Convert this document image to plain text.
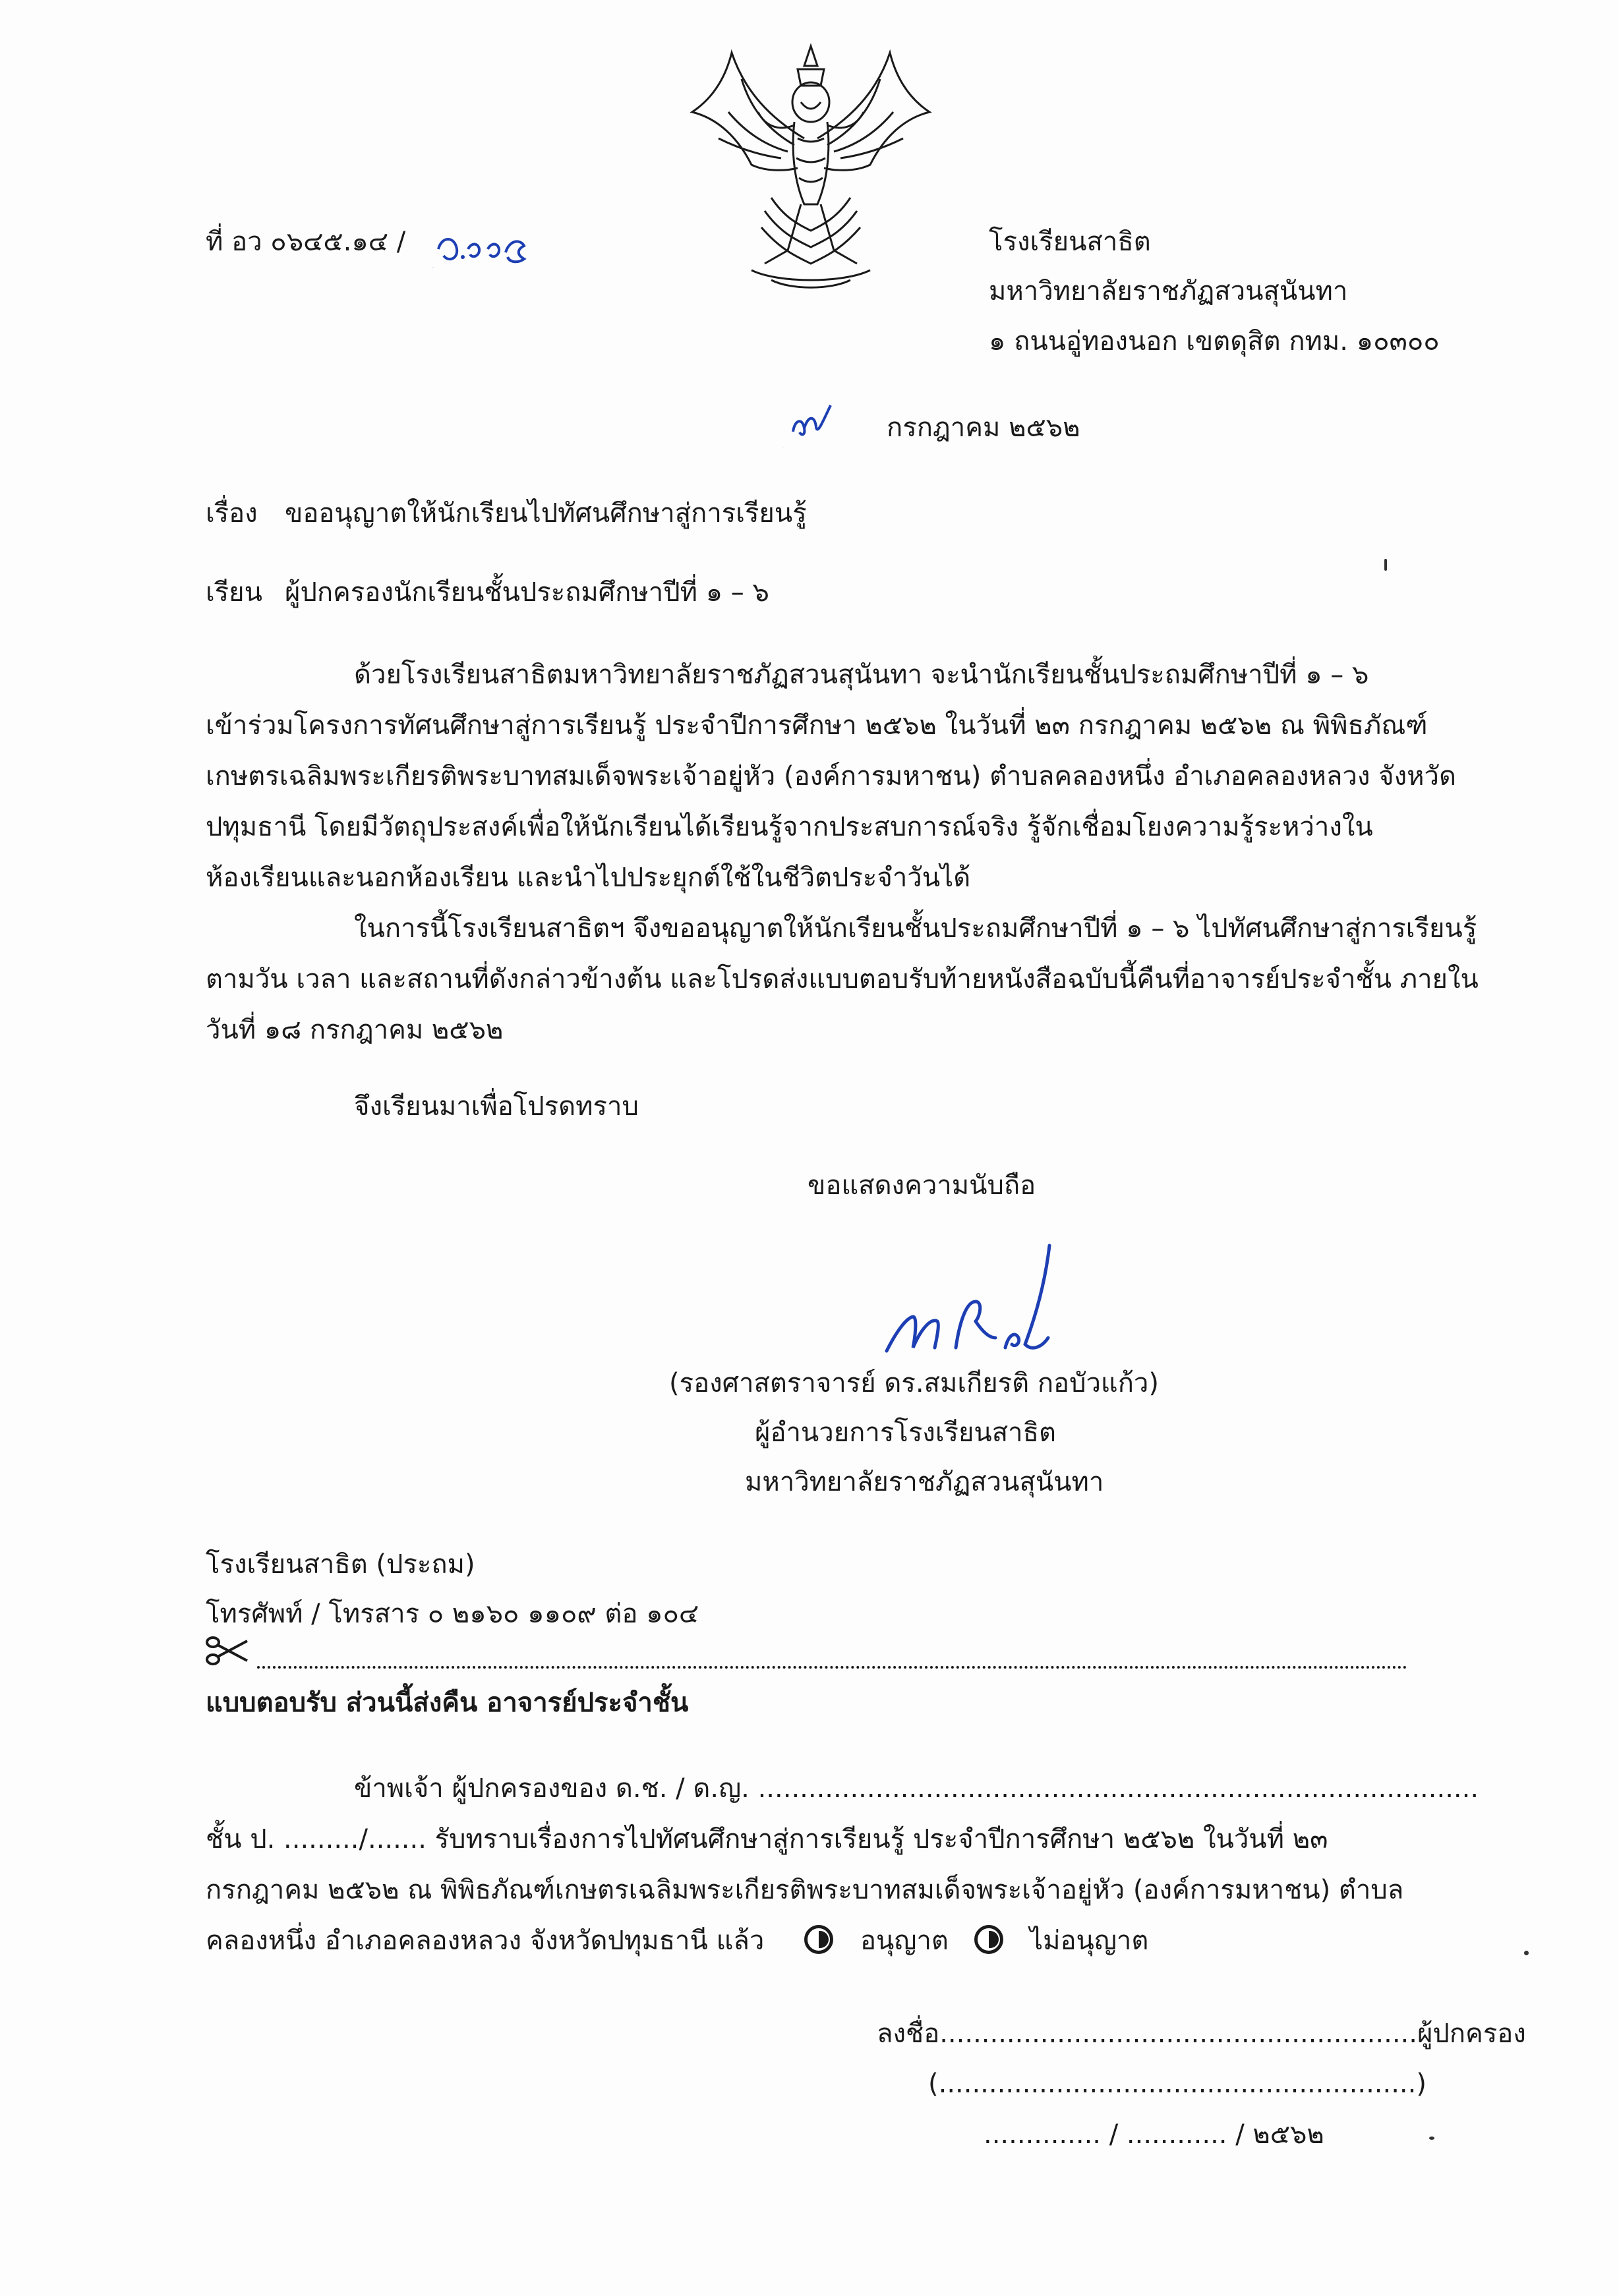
ที่ อว ๐๖๔๕.๑๔ /
ว.๑๑๕
โรงเรียนสาธิต
มหาวิทยาลัยราชภัฏสวนสุนันทา
๑ ถนนอู่ทองนอก เขตดุสิต กทม. ๑๐๓๐๐
๓
กรกฎาคม ๒๕๖๒
เรื่อง ขออนุญาตให้นักเรียนไปทัศนศึกษาสู่การเรียนรู้
เรียน ผู้ปกครองนักเรียนชั้นประถมศึกษาปีที่ ๑ – ๖
ด้วยโรงเรียนสาธิตมหาวิทยาลัยราชภัฏสวนสุนันทา จะนำนักเรียนชั้นประถมศึกษาปีที่ ๑ – ๖
เข้าร่วมโครงการทัศนศึกษาสู่การเรียนรู้ ประจำปีการศึกษา ๒๕๖๒ ในวันที่ ๒๓ กรกฎาคม ๒๕๖๒ ณ พิพิธภัณฑ์
เกษตรเฉลิมพระเกียรติพระบาทสมเด็จพระเจ้าอยู่หัว (องค์การมหาชน) ตำบลคลองหนึ่ง อำเภอคลองหลวง จังหวัด
ปทุมธานี โดยมีวัตถุประสงค์เพื่อให้นักเรียนได้เรียนรู้จากประสบการณ์จริง รู้จักเชื่อมโยงความรู้ระหว่างใน
ห้องเรียนและนอกห้องเรียน และนำไปประยุกต์ใช้ในชีวิตประจำวันได้
ในการนี้โรงเรียนสาธิตฯ จึงขออนุญาตให้นักเรียนชั้นประถมศึกษาปีที่ ๑ – ๖ ไปทัศนศึกษาสู่การเรียนรู้
ตามวัน เวลา และสถานที่ดังกล่าวข้างต้น และโปรดส่งแบบตอบรับท้ายหนังสือฉบับนี้คืนที่อาจารย์ประจำชั้น ภายใน
วันที่ ๑๘ กรกฎาคม ๒๕๖๒
จึงเรียนมาเพื่อโปรดทราบ
ขอแสดงความนับถือ
(รองศาสตราจารย์ ดร.สมเกียรติ กอบัวแก้ว)
ผู้อำนวยการโรงเรียนสาธิต
มหาวิทยาลัยราชภัฏสวนสุนันทา
โรงเรียนสาธิต (ประถม)
โทรศัพท์ / โทรสาร ๐ ๒๑๖๐ ๑๑๐๙ ต่อ ๑๐๔
แบบตอบรับ ส่วนนี้ส่งคืน อาจารย์ประจำชั้น
ข้าพเจ้า ผู้ปกครองของ ด.ช. / ด.ญ. ......................................................................................
ชั้น ป. ........./....... รับทราบเรื่องการไปทัศนศึกษาสู่การเรียนรู้ ประจำปีการศึกษา ๒๕๖๒ ในวันที่ ๒๓
กรกฎาคม ๒๕๖๒ ณ พิพิธภัณฑ์เกษตรเฉลิมพระเกียรติพระบาทสมเด็จพระเจ้าอยู่หัว (องค์การมหาชน) ตำบล
คลองหนึ่ง อำเภอคลองหลวง จังหวัดปทุมธานี แล้ว	อนุญาต	ไม่อนุญาต
ลงชื่อ.........................................................ผู้ปกครอง
(.........................................................)
.............. / ............ / ๒๕๖๒
